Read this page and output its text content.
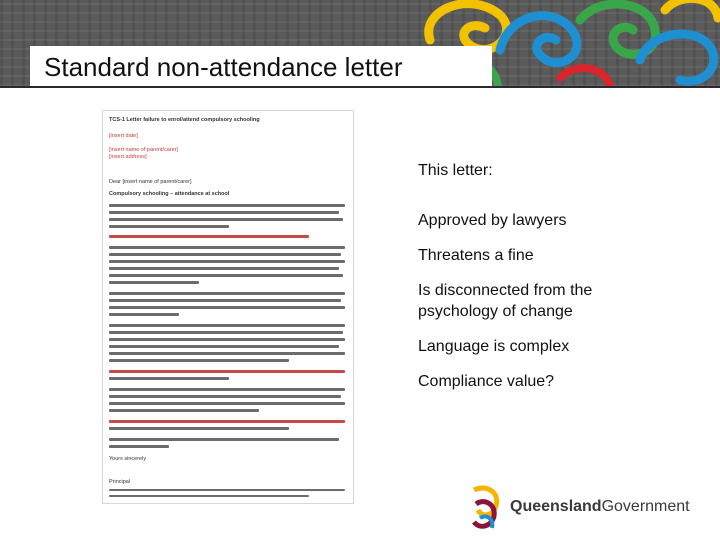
Standard non-attendance letter
TCS-1 Letter failure to enrol/attend compulsory schooling
[insert date]
[insert name of parent/carer]
[insert address]
Dear [insert name of parent/carer]
Compulsory schooling – attendance at school
Yours sincerely
Principal

This letter:

Approved by lawyers

Threatens a fine

Is disconnected from the

psychology of change

Language is complex

Compliance value?

QueenslandGovernment
